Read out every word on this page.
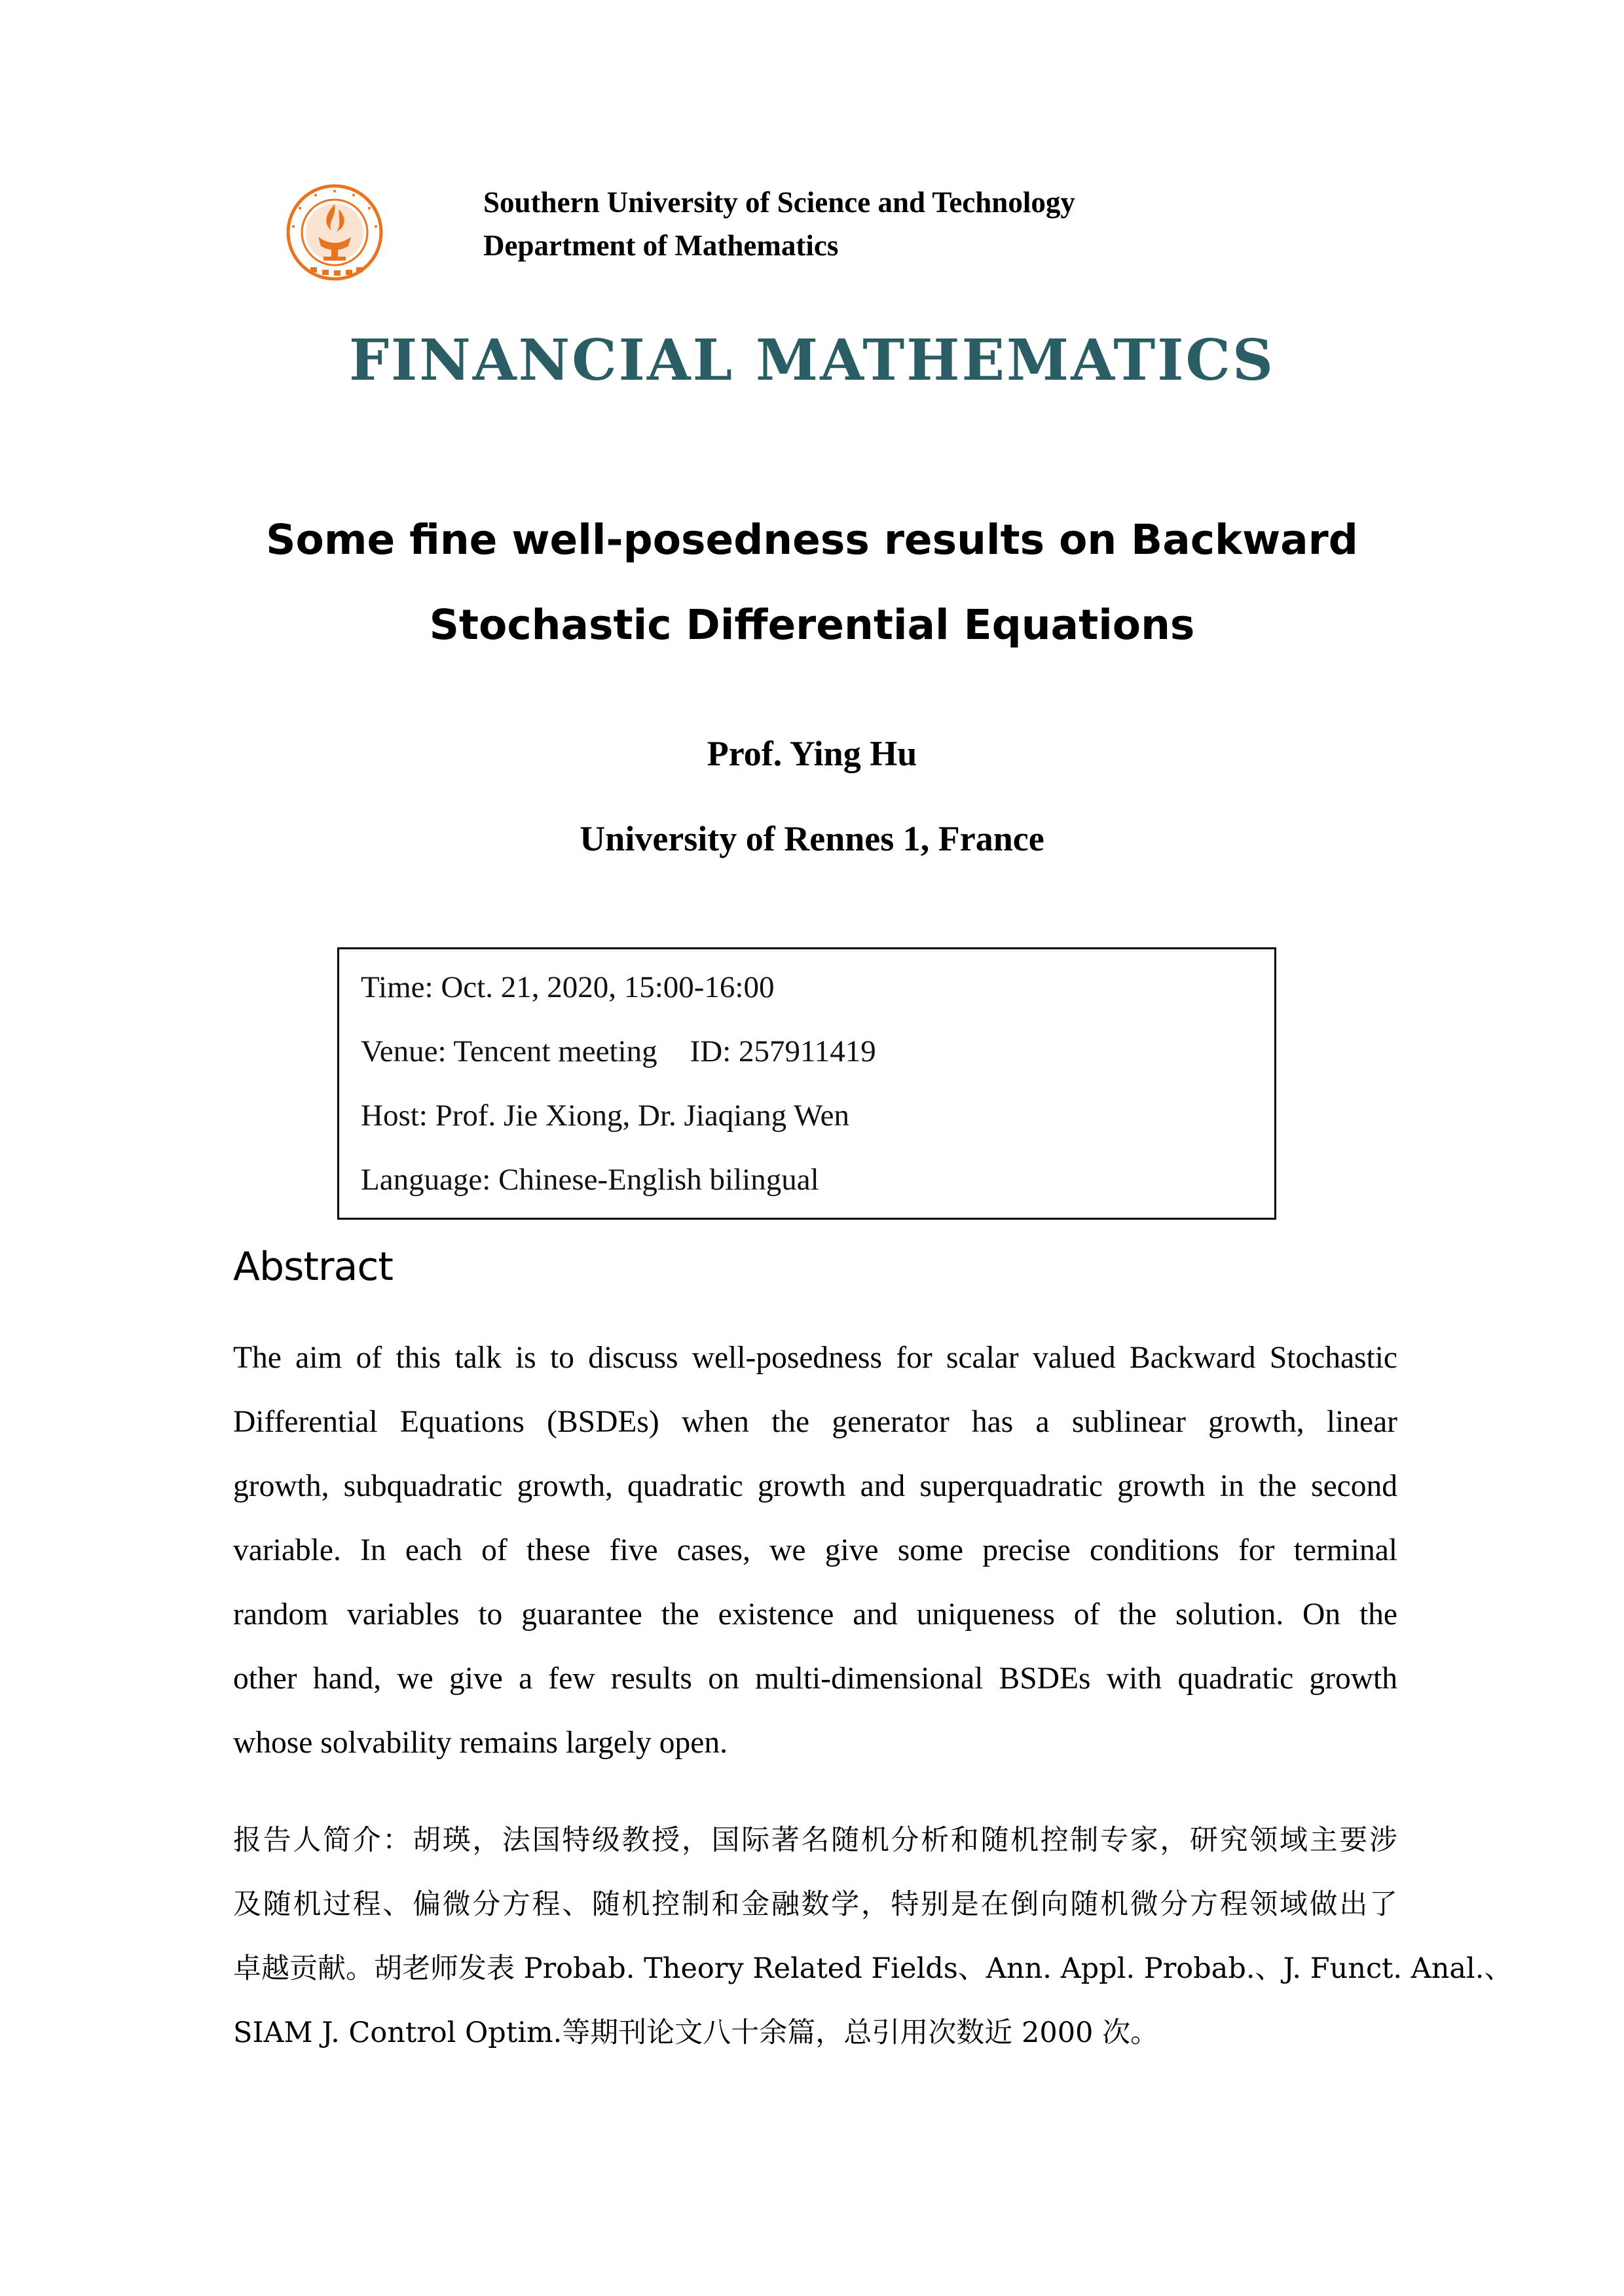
Southern University of Science and Technology
Department of Mathematics
FINANCIAL MATHEMATICS
Some fine well-posedness results on Backward
Stochastic Differential Equations
Prof. Ying Hu
University of Rennes 1, France
Time: Oct. 21, 2020, 15:00-16:00
Venue: Tencent meeting ID: 257911419
Host: Prof. Jie Xiong, Dr. Jiaqiang Wen
Language: Chinese-English bilingual
Abstract
The aim of this talk is to discuss well-posedness for scalar valued Backward Stochastic
Differential Equations (BSDEs) when the generator has a sublinear growth, linear
growth, subquadratic growth, quadratic growth and superquadratic growth in the second
variable. In each of these five cases, we give some precise conditions for terminal
random variables to guarantee the existence and uniqueness of the solution. On the
other hand, we give a few results on multi-dimensional BSDEs with quadratic growth
whose solvability remains largely open.
报告人简介：胡瑛，法国特级教授，国际著名随机分析和随机控制专家，研究领域主要涉
及随机过程、偏微分方程、随机控制和金融数学，特别是在倒向随机微分方程领域做出了
卓越贡献。胡老师发表 Probab. Theory Related Fields、Ann. Appl. Probab.、J. Funct. Anal.、
SIAM J. Control Optim.等期刊论文八十余篇，总引用次数近 2000 次。
